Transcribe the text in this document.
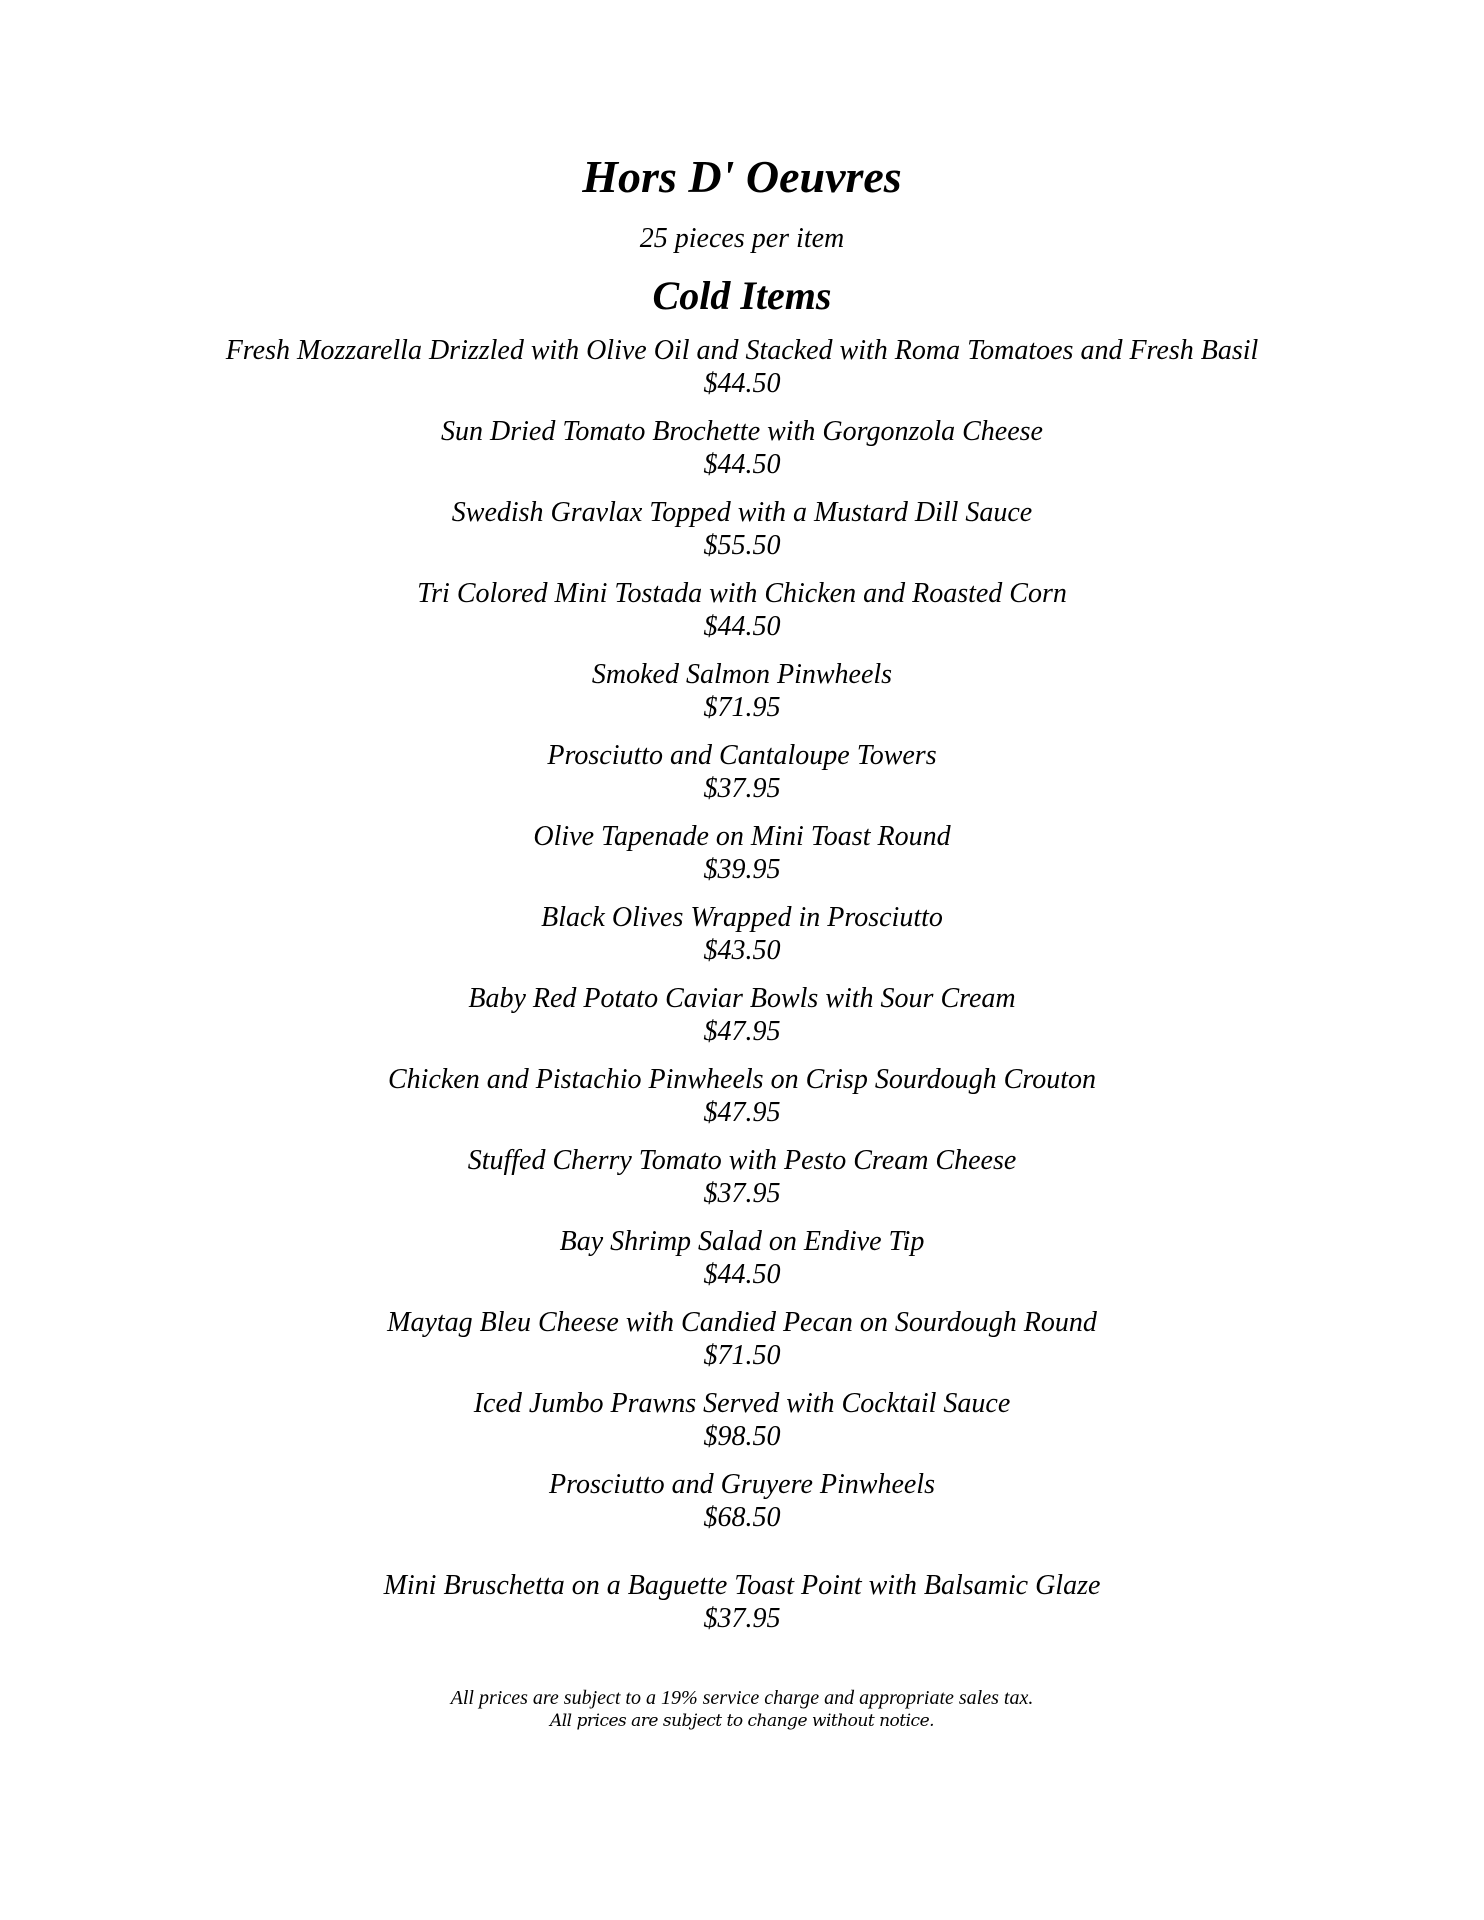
Hors D' Oeuvres
25 pieces per item
Cold Items
Fresh Mozzarella Drizzled with Olive Oil and Stacked with Roma Tomatoes and Fresh Basil
$44.50
Sun Dried Tomato Brochette with Gorgonzola Cheese
$44.50
Swedish Gravlax Topped with a Mustard Dill Sauce
$55.50
Tri Colored Mini Tostada with Chicken and Roasted Corn
$44.50
Smoked Salmon Pinwheels
$71.95
Prosciutto and Cantaloupe Towers
$37.95
Olive Tapenade on Mini Toast Round
$39.95
Black Olives Wrapped in Prosciutto
$43.50
Baby Red Potato Caviar Bowls with Sour Cream
$47.95
Chicken and Pistachio Pinwheels on Crisp Sourdough Crouton
$47.95
Stuffed Cherry Tomato with Pesto Cream Cheese
$37.95
Bay Shrimp Salad on Endive Tip
$44.50
Maytag Bleu Cheese with Candied Pecan on Sourdough Round
$71.50
Iced Jumbo Prawns Served with Cocktail Sauce
$98.50
Prosciutto and Gruyere Pinwheels
$68.50
Mini Bruschetta on a Baguette Toast Point with Balsamic Glaze
$37.95
All prices are subject to a 19% service charge and appropriate sales tax.
All prices are subject to change without notice.
